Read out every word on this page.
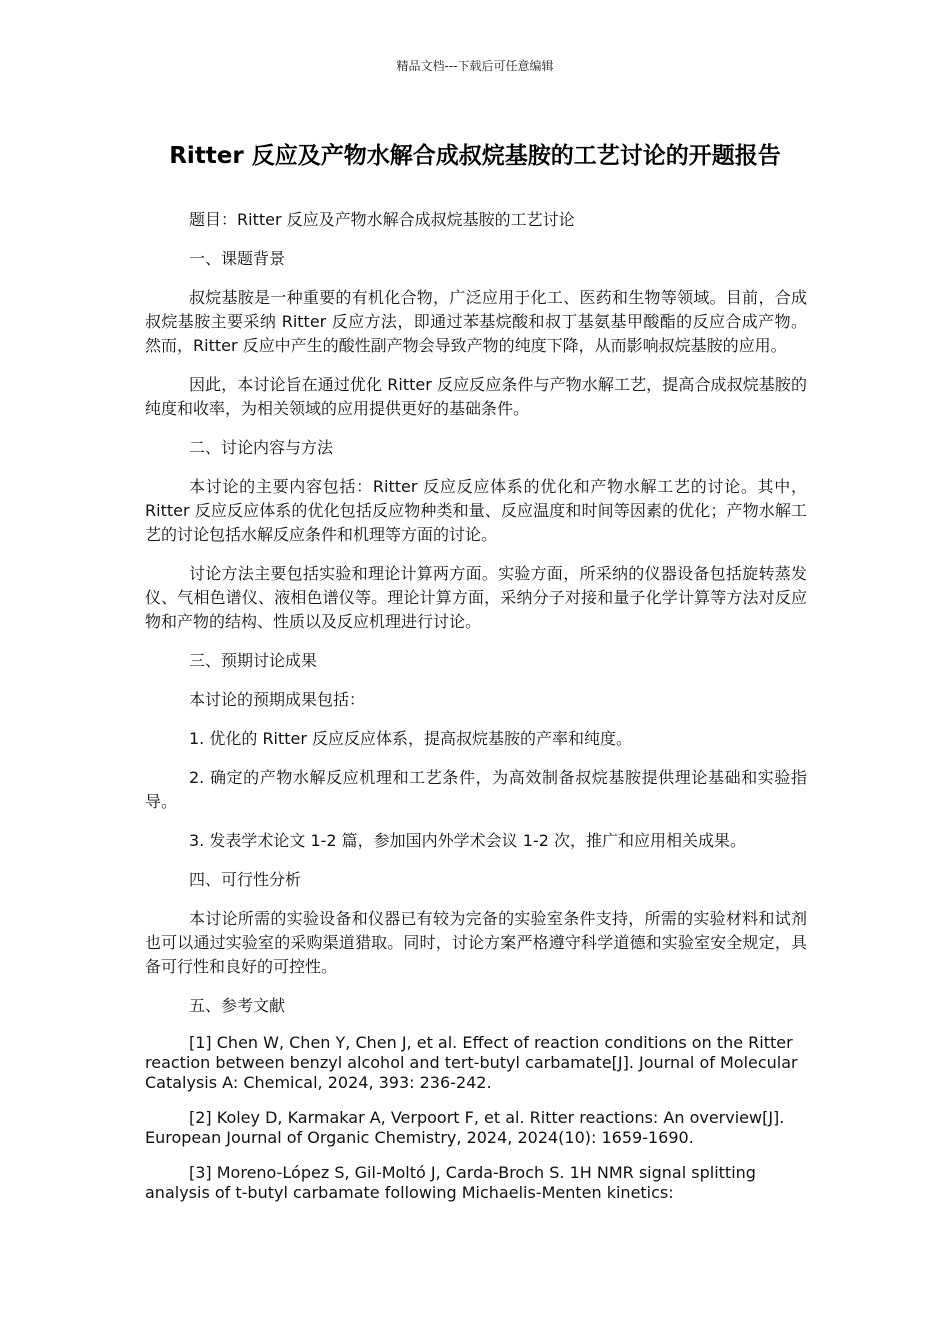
精品文档---下载后可任意编辑
Ritter 反应及产物水解合成叔烷基胺的工艺讨论的开题报告

题目：Ritter 反应及产物水解合成叔烷基胺的工艺讨论

一、课题背景

叔烷基胺是一种重要的有机化合物，广泛应用于化工、医药和生物等领域。目前，合成叔烷基胺主要采纳 Ritter 反应方法，即通过苯基烷酸和叔丁基氨基甲酸酯的反应合成产物。然而，Ritter 反应中产生的酸性副产物会导致产物的纯度下降，从而影响叔烷基胺的应用。

因此，本讨论旨在通过优化 Ritter 反应反应条件与产物水解工艺，提高合成叔烷基胺的纯度和收率，为相关领域的应用提供更好的基础条件。

二、讨论内容与方法

本讨论的主要内容包括：Ritter 反应反应体系的优化和产物水解工艺的讨论。其中，Ritter 反应反应体系的优化包括反应物种类和量、反应温度和时间等因素的优化；产物水解工艺的讨论包括水解反应条件和机理等方面的讨论。

讨论方法主要包括实验和理论计算两方面。实验方面，所采纳的仪器设备包括旋转蒸发仪、气相色谱仪、液相色谱仪等。理论计算方面，采纳分子对接和量子化学计算等方法对反应物和产物的结构、性质以及反应机理进行讨论。

三、预期讨论成果

本讨论的预期成果包括：

1. 优化的 Ritter 反应反应体系，提高叔烷基胺的产率和纯度。

2. 确定的产物水解反应机理和工艺条件，为高效制备叔烷基胺提供理论基础和实验指导。

3. 发表学术论文 1-2 篇，参加国内外学术会议 1-2 次，推广和应用相关成果。

四、可行性分析

本讨论所需的实验设备和仪器已有较为完备的实验室条件支持，所需的实验材料和试剂也可以通过实验室的采购渠道猎取。同时，讨论方案严格遵守科学道德和实验室安全规定，具备可行性和良好的可控性。

五、参考文献

[1] Chen W, Chen Y, Chen J, et al. Effect of reaction conditions on the Ritter reaction between benzyl alcohol and tert-butyl carbamate[J]. Journal of Molecular Catalysis A: Chemical, 2024, 393: 236-242.

[2] Koley D, Karmakar A, Verpoort F, et al. Ritter reactions: An overview[J]. European Journal of Organic Chemistry, 2024, 2024(10): 1659-1690.

[3] Moreno-López S, Gil-Moltó J, Carda-Broch S. 1H NMR signal splitting analysis of t-butyl carbamate following Michaelis-Menten kinetics:
